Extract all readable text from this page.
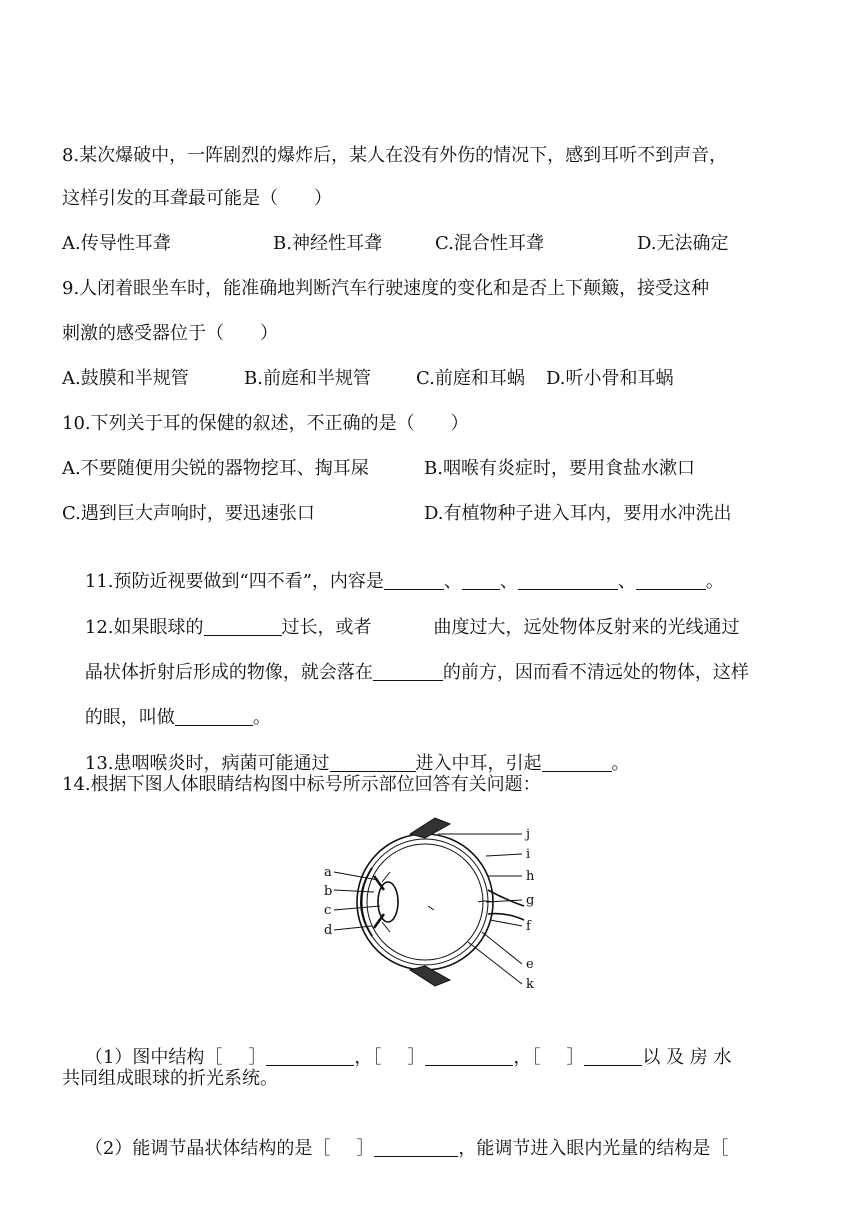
8.某次爆破中，一阵剧烈的爆炸后，某人在没有外伤的情况下，感到耳听不到声音，
这样引发的耳聋最可能是（　　）
A.传导性耳聋	B.神经性耳聋	C.混合性耳聋	D.无法确定
9.人闭着眼坐车时，能准确地判断汽车行驶速度的变化和是否上下颠簸，接受这种
刺激的感受器位于（　　）
A.鼓膜和半规管	B.前庭和半规管	C.前庭和耳蜗 D.听小骨和耳蜗
10.下列关于耳的保健的叙述，不正确的是（　　）
A.不要随便用尖锐的器物挖耳、掏耳屎	B.咽喉有炎症时，要用食盐水漱口
C.遇到巨大声响时，要迅速张口	D.有植物种子进入耳内，要用水冲洗出

11.预防近视要做到“四不看”，内容是	、 、	、	。

12.如果眼球的	过长，或者	曲度过大，远处物体反射来的光线通过

晶状体折射后形成的物像，就会落在	的前方，因而看不清远处的物体，这样

的眼，叫做	。

13.患咽喉炎时，病菌可能通过	进入中耳，引起	。

14.根据下图人体眼睛结构图中标号所示部位回答有关问题：
a
b
c
d
j
i
h
g
f
e
k

（1）图中结构［ ］	，［ ］	，［ ］	以 及 房 水

共同组成眼球的折光系统。

（2）能调节晶状体结构的是［ ］	，能调节进入眼内光量的结构是［
